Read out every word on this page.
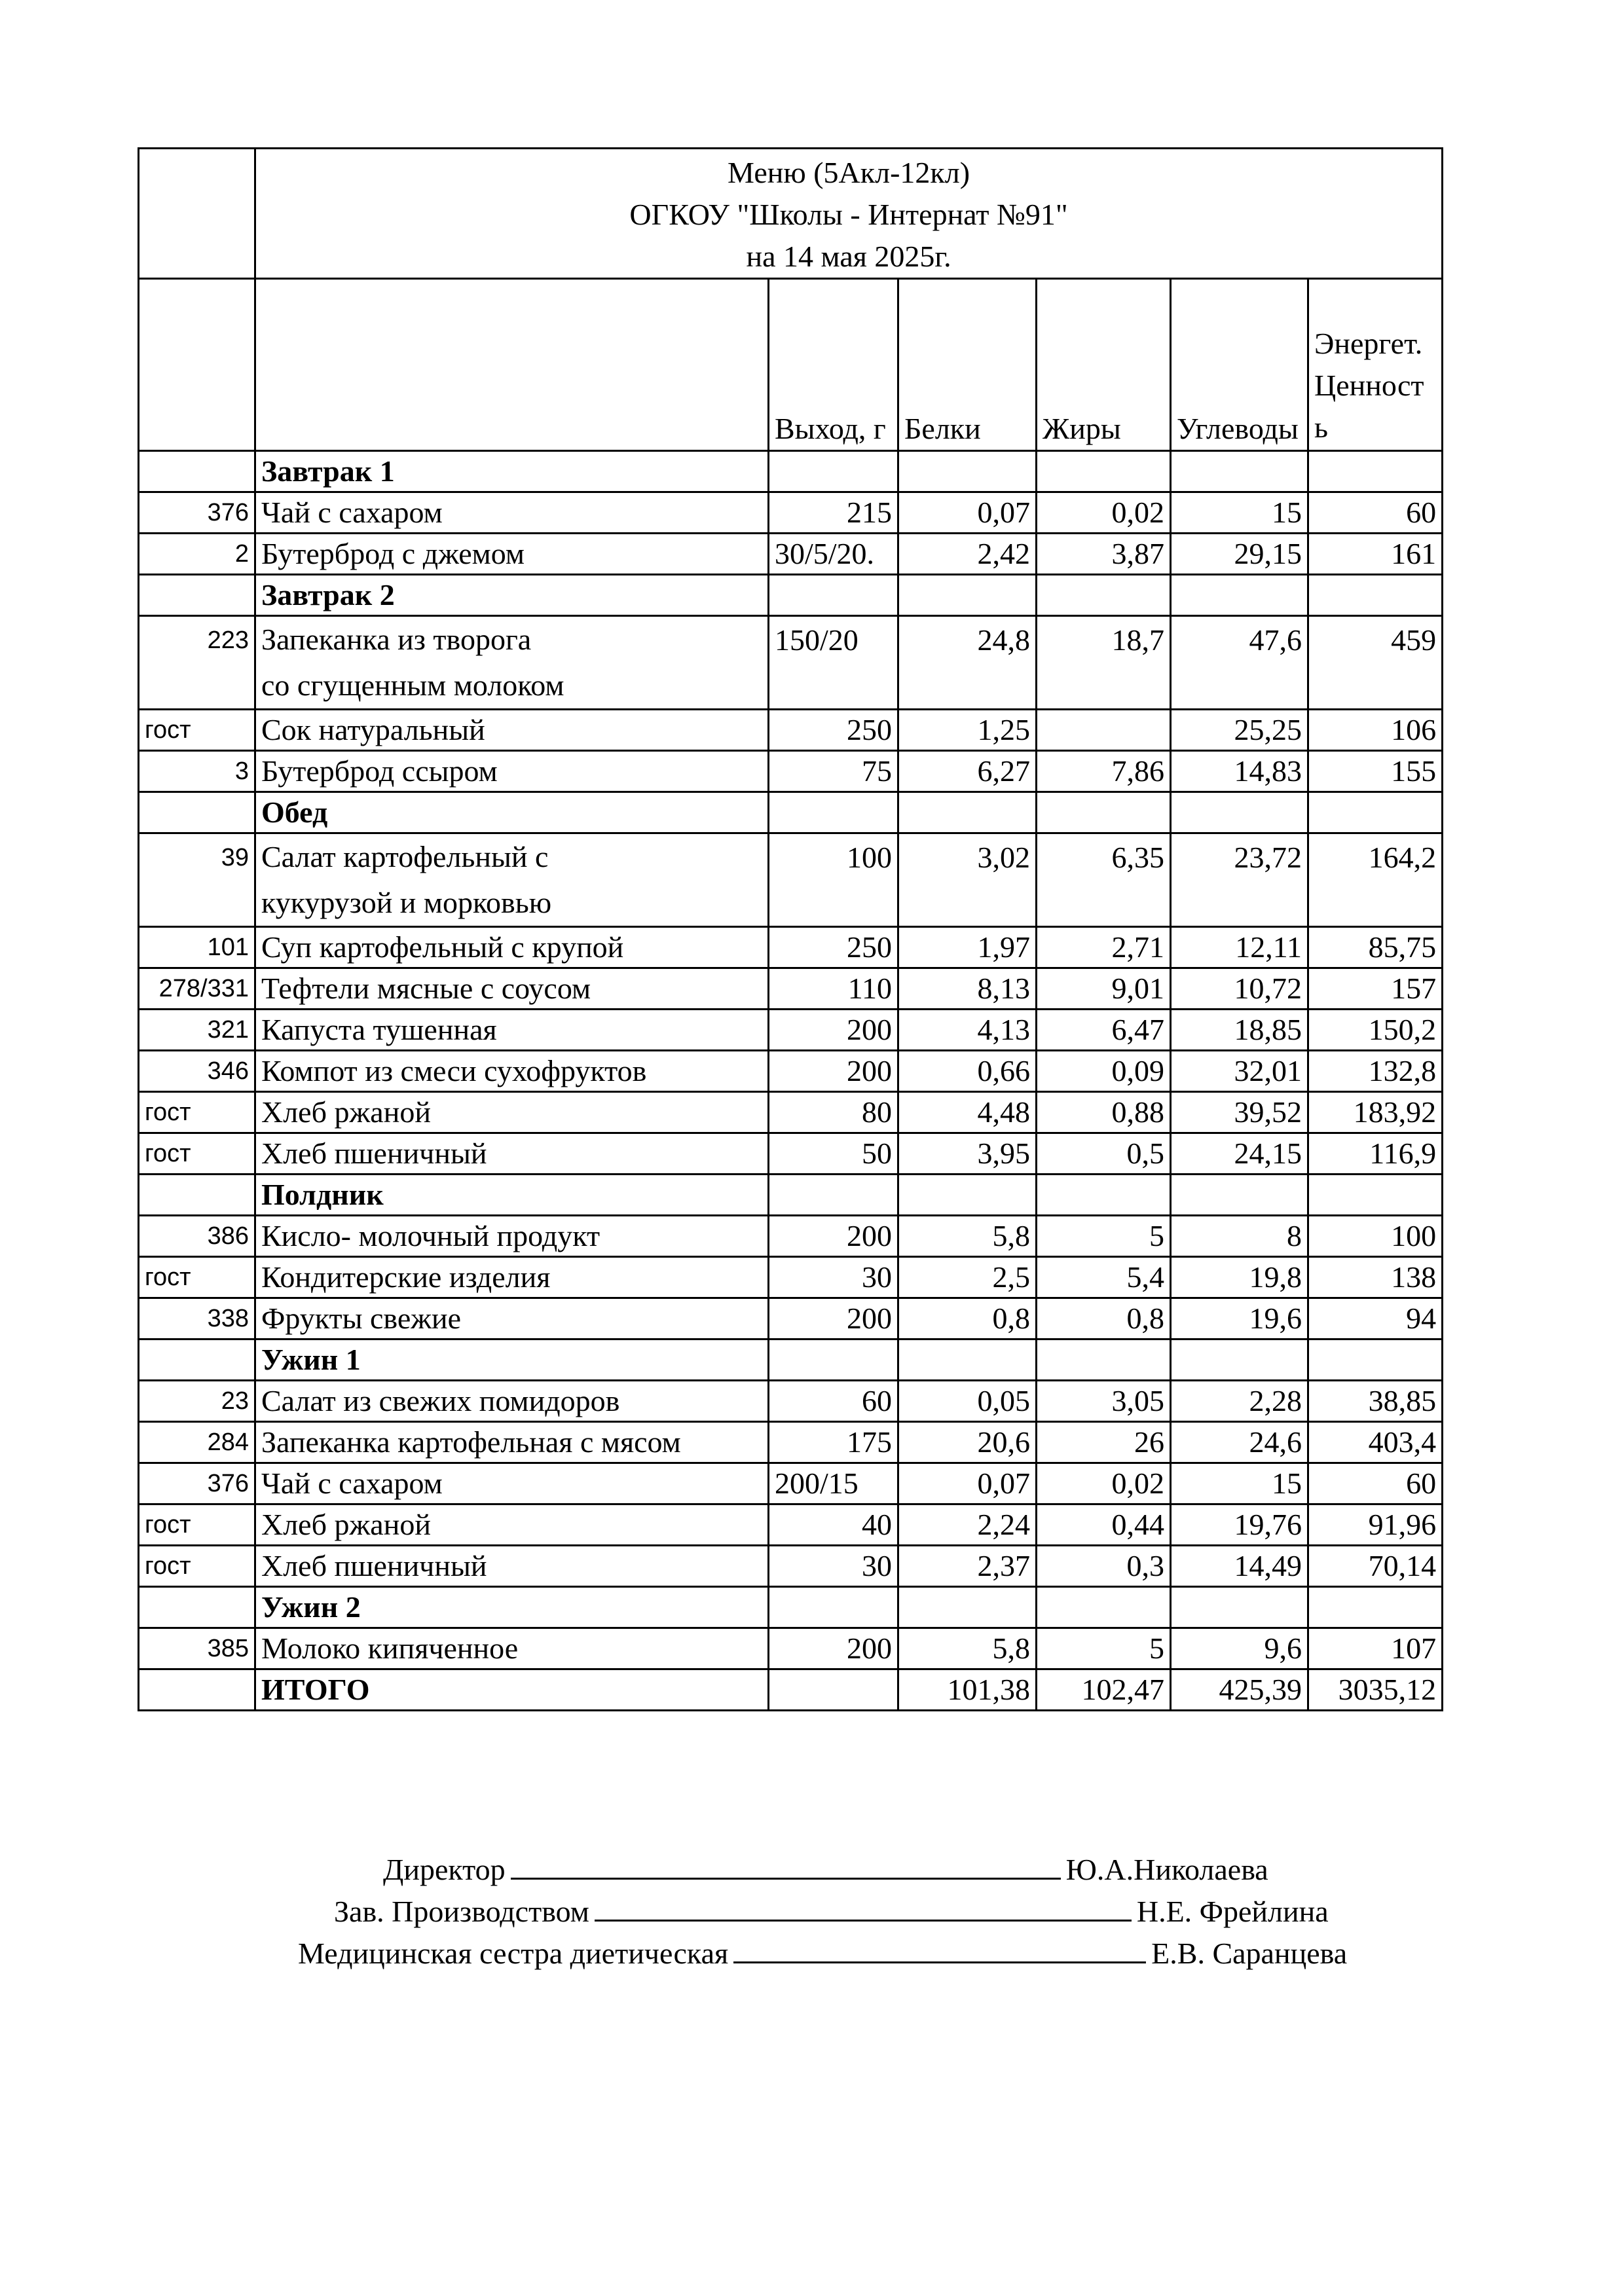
	Меню (5Акл-12кл)
ОГКОУ "Школы - Интернат №91"
на 14 мая 2025г.					

		Выход, г	Белки	Жиры	Углеводы	Энергет.
Ценност
ь

	Завтрак 1					
376	Чай с сахаром	215	0,07	0,02	15	60
2	Бутерброд с джемом	30/5/20.	2,42	3,87	29,15	161
	Завтрак 2					
223	Запеканка из творога
со сгущенным молоком	150/20	24,8	18,7	47,6	459
гост	Сок натуральный	250	1,25		25,25	106
3	Бутерброд ссыром	75	6,27	7,86	14,83	155
	Обед					
39	Салат картофельный с
кукурузой и морковью	100	3,02	6,35	23,72	164,2
101	Суп картофельный с крупой	250	1,97	2,71	12,11	85,75
278/331	Тефтели мясные с соусом	110	8,13	9,01	10,72	157
321	Капуста тушенная	200	4,13	6,47	18,85	150,2
346	Компот из смеси сухофруктов	200	0,66	0,09	32,01	132,8
гост	Хлеб ржаной	80	4,48	0,88	39,52	183,92
гост	Хлеб пшеничный	50	3,95	0,5	24,15	116,9
	Полдник					
386	Кисло- молочный продукт	200	5,8	5	8	100
гост	Кондитерские изделия	30	2,5	5,4	19,8	138
338	Фрукты свежие	200	0,8	0,8	19,6	94
	Ужин 1					
23	Салат из свежих помидоров	60	0,05	3,05	2,28	38,85
284	Запеканка картофельная с мясом	175	20,6	26	24,6	403,4
376	Чай с сахаром	200/15	0,07	0,02	15	60
гост	Хлеб ржаной	40	2,24	0,44	19,76	91,96
гост	Хлеб пшеничный	30	2,37	0,3	14,49	70,14
	Ужин 2					
385	Молоко кипяченное	200	5,8	5	9,6	107
	ИТОГО		101,38	102,47	425,39	3035,12
Директор	Ю.А.Николаева
Зав. Производством	Н.Е. Фрейлина
Медицинская сестра диетическая	Е.В. Саранцева
